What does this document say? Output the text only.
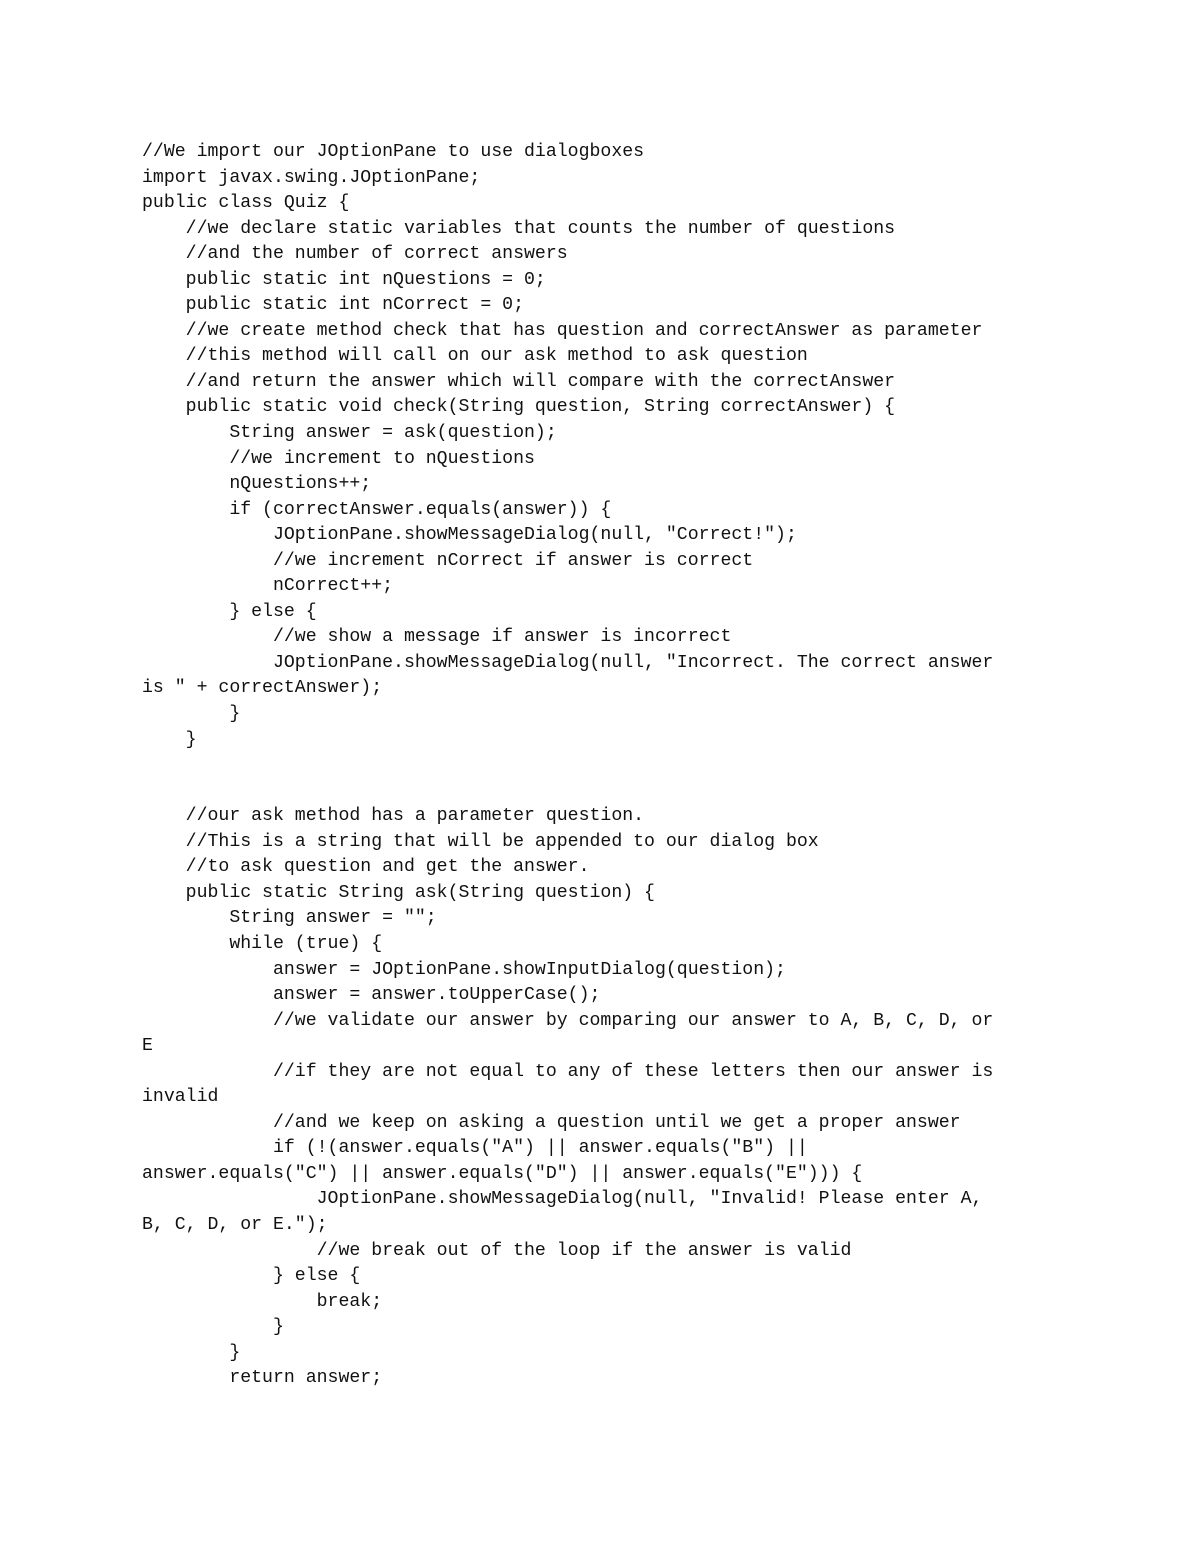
//We import our JOptionPane to use dialogboxes
import javax.swing.JOptionPane;
public class Quiz {
//we declare static variables that counts the number of questions
//and the number of correct answers
public static int nQuestions = 0;
public static int nCorrect = 0;
//we create method check that has question and correctAnswer as parameter
//this method will call on our ask method to ask question
//and return the answer which will compare with the correctAnswer
public static void check(String question, String correctAnswer) {
String answer = ask(question);
//we increment to nQuestions
nQuestions++;
if (correctAnswer.equals(answer)) {
JOptionPane.showMessageDialog(null, "Correct!");
//we increment nCorrect if answer is correct
nCorrect++;
} else {
//we show a message if answer is incorrect
JOptionPane.showMessageDialog(null, "Incorrect. The correct answer
is " + correctAnswer);
}
}
//our ask method has a parameter question.
//This is a string that will be appended to our dialog box
//to ask question and get the answer.
public static String ask(String question) {
String answer = "";
while (true) {
answer = JOptionPane.showInputDialog(question);
answer = answer.toUpperCase();
//we validate our answer by comparing our answer to A, B, C, D, or
E
//if they are not equal to any of these letters then our answer is
invalid
//and we keep on asking a question until we get a proper answer
if (!(answer.equals("A") || answer.equals("B") ||
answer.equals("C") || answer.equals("D") || answer.equals("E"))) {
JOptionPane.showMessageDialog(null, "Invalid! Please enter A,
B, C, D, or E.");
//we break out of the loop if the answer is valid
} else {
break;
}
}
return answer;
